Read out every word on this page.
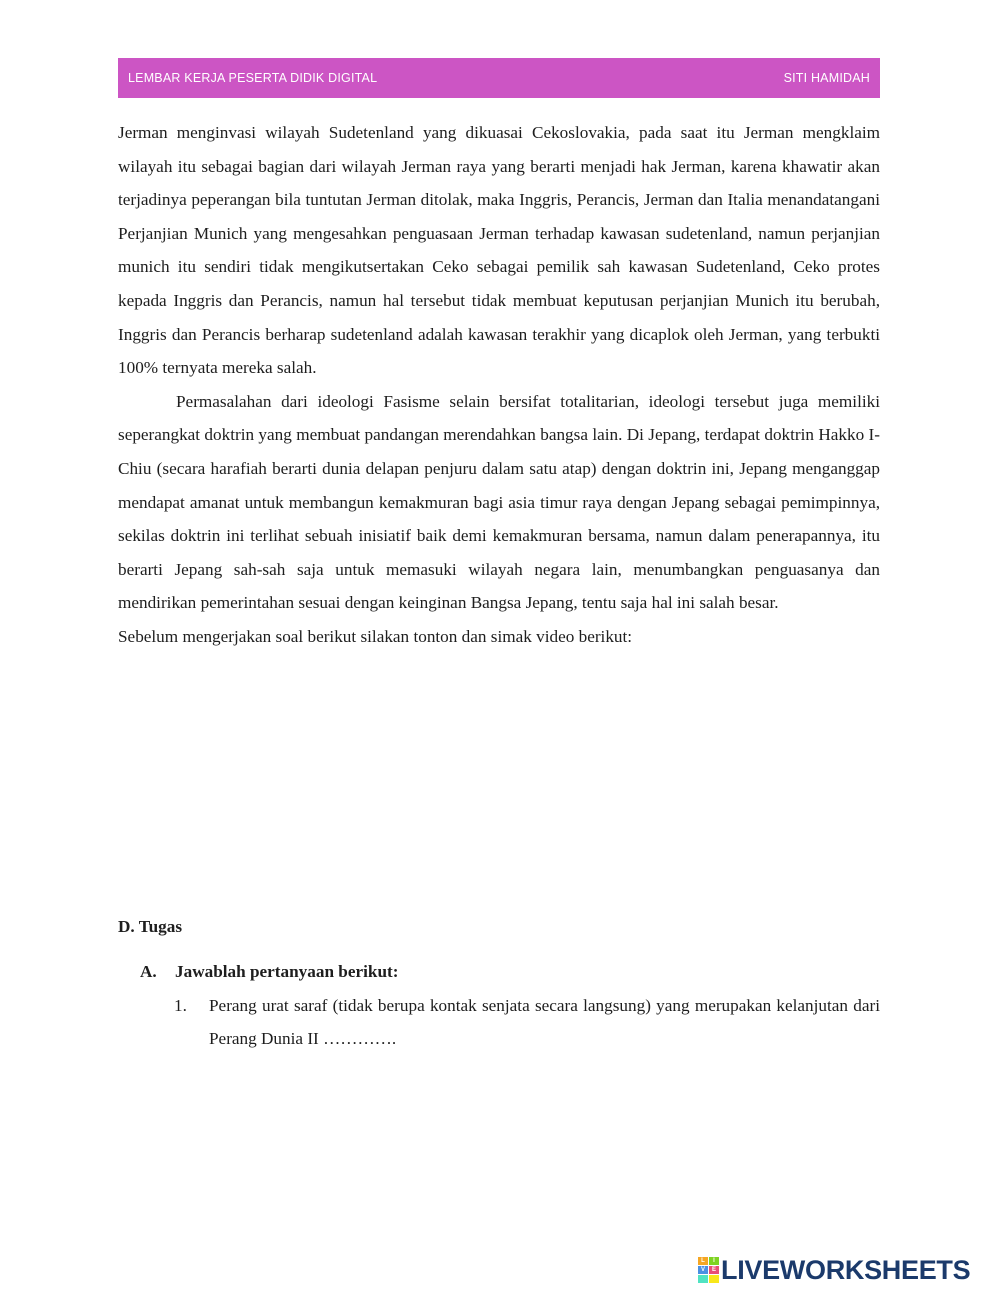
LEMBAR KERJA PESERTA DIDIK DIGITAL	SITI HAMIDAH

Jerman menginvasi wilayah Sudetenland yang dikuasai Cekoslovakia, pada saat itu Jerman mengklaim wilayah itu sebagai bagian dari wilayah Jerman raya yang berarti menjadi hak Jerman, karena khawatir akan terjadinya peperangan bila tuntutan Jerman ditolak, maka Inggris, Perancis, Jerman dan Italia menandatangani Perjanjian Munich yang mengesahkan penguasaan Jerman terhadap kawasan sudetenland, namun perjanjian munich itu sendiri tidak mengikutsertakan Ceko sebagai pemilik sah kawasan Sudetenland, Ceko protes kepada Inggris dan Perancis, namun hal tersebut tidak membuat keputusan perjanjian Munich itu berubah, Inggris dan Perancis berharap sudetenland adalah kawasan terakhir yang dicaplok oleh Jerman, yang terbukti 100% ternyata mereka salah.

Permasalahan dari ideologi Fasisme selain bersifat totalitarian, ideologi tersebut juga memiliki seperangkat doktrin yang membuat pandangan merendahkan bangsa lain. Di Jepang, terdapat doktrin Hakko I-Chiu (secara harafiah berarti dunia delapan penjuru dalam satu atap) dengan doktrin ini, Jepang menganggap mendapat amanat untuk membangun kemakmuran bagi asia timur raya dengan Jepang sebagai pemimpinnya, sekilas doktrin ini terlihat sebuah inisiatif baik demi kemakmuran bersama, namun dalam penerapannya, itu berarti Jepang sah-sah saja untuk memasuki wilayah negara lain, menumbangkan penguasanya dan mendirikan pemerintahan sesuai dengan keinginan Bangsa Jepang, tentu saja hal ini salah besar.

Sebelum mengerjakan soal berikut silakan tonton dan simak video berikut:

D. Tugas

A.	Jawablah pertanyaan berikut:
1.	Perang urat saraf (tidak berupa kontak senjata secara langsung) yang merupakan kelanjutan dari Perang Dunia II ………….
L	I
V	E LIVEWORKSHEETS
